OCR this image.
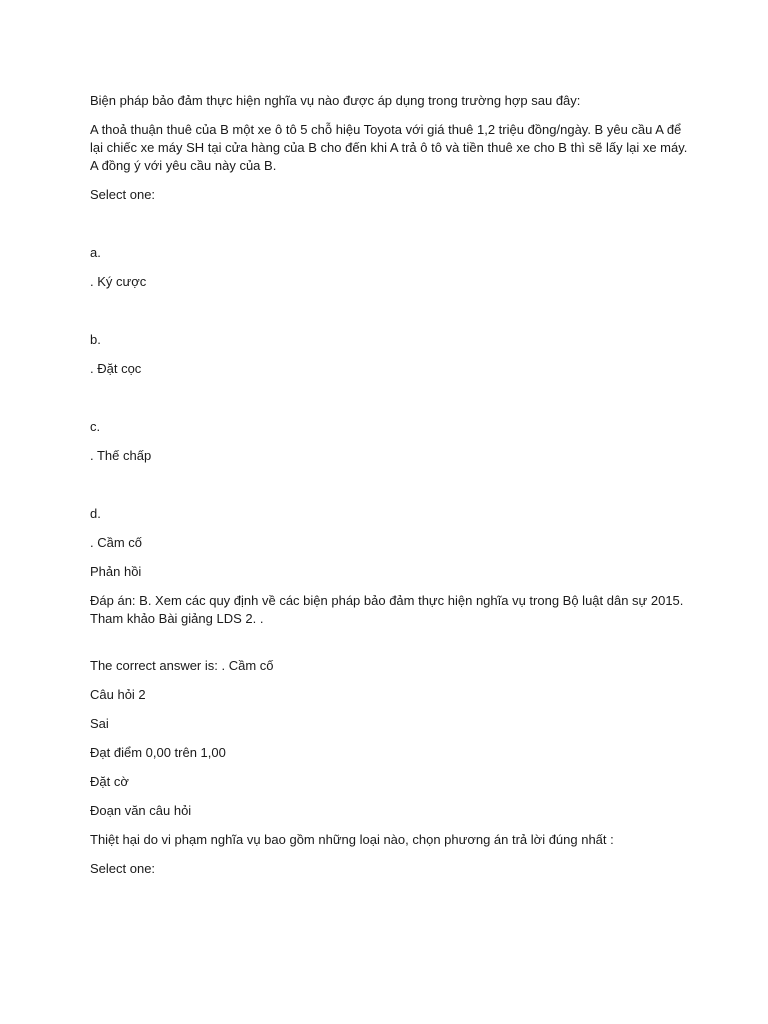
Biện pháp bảo đảm thực hiện nghĩa vụ nào được áp dụng trong trường hợp sau đây:

A thoả thuận thuê của B một xe ô tô 5 chỗ hiệu Toyota với giá thuê 1,2 triệu đồng/ngày. B yêu cầu A để lại chiếc xe máy SH tại cửa hàng của B cho đến khi A trả ô tô và tiền thuê xe cho B thì sẽ lấy lại xe máy. A đồng ý với yêu cầu này của B.

Select one:

a.

. Ký cược

b.

. Đặt cọc

c.

. Thế chấp

d.

. Cầm cố

Phản hồi

Đáp án: B. Xem các quy định về các biện pháp bảo đảm thực hiện nghĩa vụ trong Bộ luật dân sự 2015. Tham khảo Bài giảng LDS 2. .

The correct answer is: . Cầm cố

Câu hỏi 2

Sai

Đạt điểm 0,00 trên 1,00

Đặt cờ

Đoạn văn câu hỏi

Thiệt hại do vi phạm nghĩa vụ bao gồm những loại nào, chọn phương án trả lời đúng nhất :

Select one:
